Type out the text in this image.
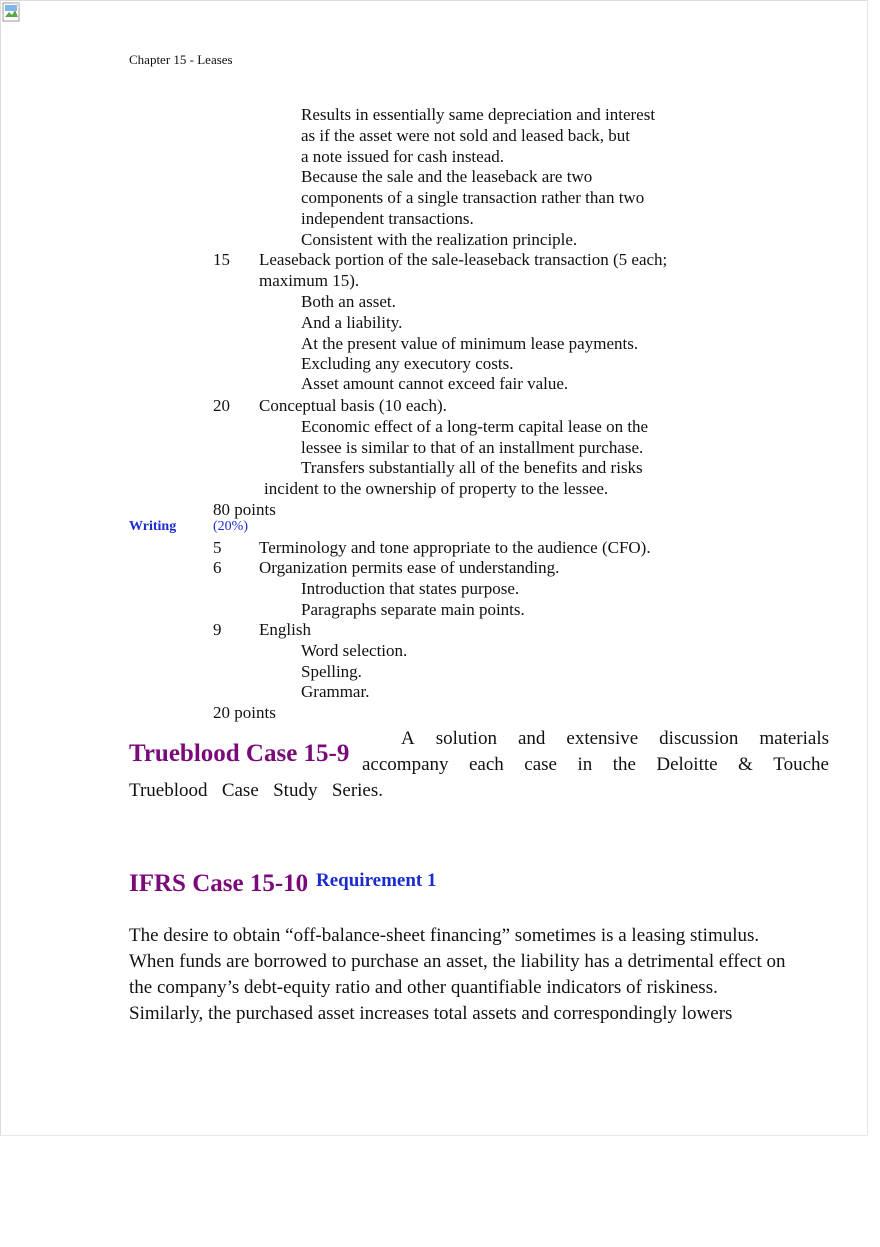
Chapter 15 - Leases
Results in essentially same depreciation and interest
as if the asset were not sold and leased back, but
a note issued for cash instead.
Because the sale and the leaseback are two
components of a single transaction rather than two
independent transactions.
Consistent with the realization principle.
15 Leaseback portion of the sale-leaseback transaction (5 each;
maximum 15).
Both an asset.
And a liability.
At the present value of minimum lease payments.
Excluding any executory costs.
Asset amount cannot exceed fair value.
20 Conceptual basis (10 each).
Economic effect of a long-term capital lease on the
lessee is similar to that of an installment purchase.
Transfers substantially all of the benefits and risks
incident to the ownership of property to the lessee.
80 points
Writing	(20%)
5 Terminology and tone appropriate to the audience (CFO).
6 Organization permits ease of understanding.
Introduction that states purpose.
Paragraphs separate main points.
9 English
Word selection.
Spelling.
Grammar.
20 points
Trueblood Case 15-9
A solution and extensive discussion materials
accompany each case in the Deloitte & Touche
Trueblood Case Study Series.
IFRS Case 15-10 Requirement 1
The desire to obtain “off-balance-sheet financing” sometimes is a leasing stimulus.
When funds are borrowed to purchase an asset, the liability has a detrimental effect on
the company’s debt-equity ratio and other quantifiable indicators of riskiness.
Similarly, the purchased asset increases total assets and correspondingly lowers
